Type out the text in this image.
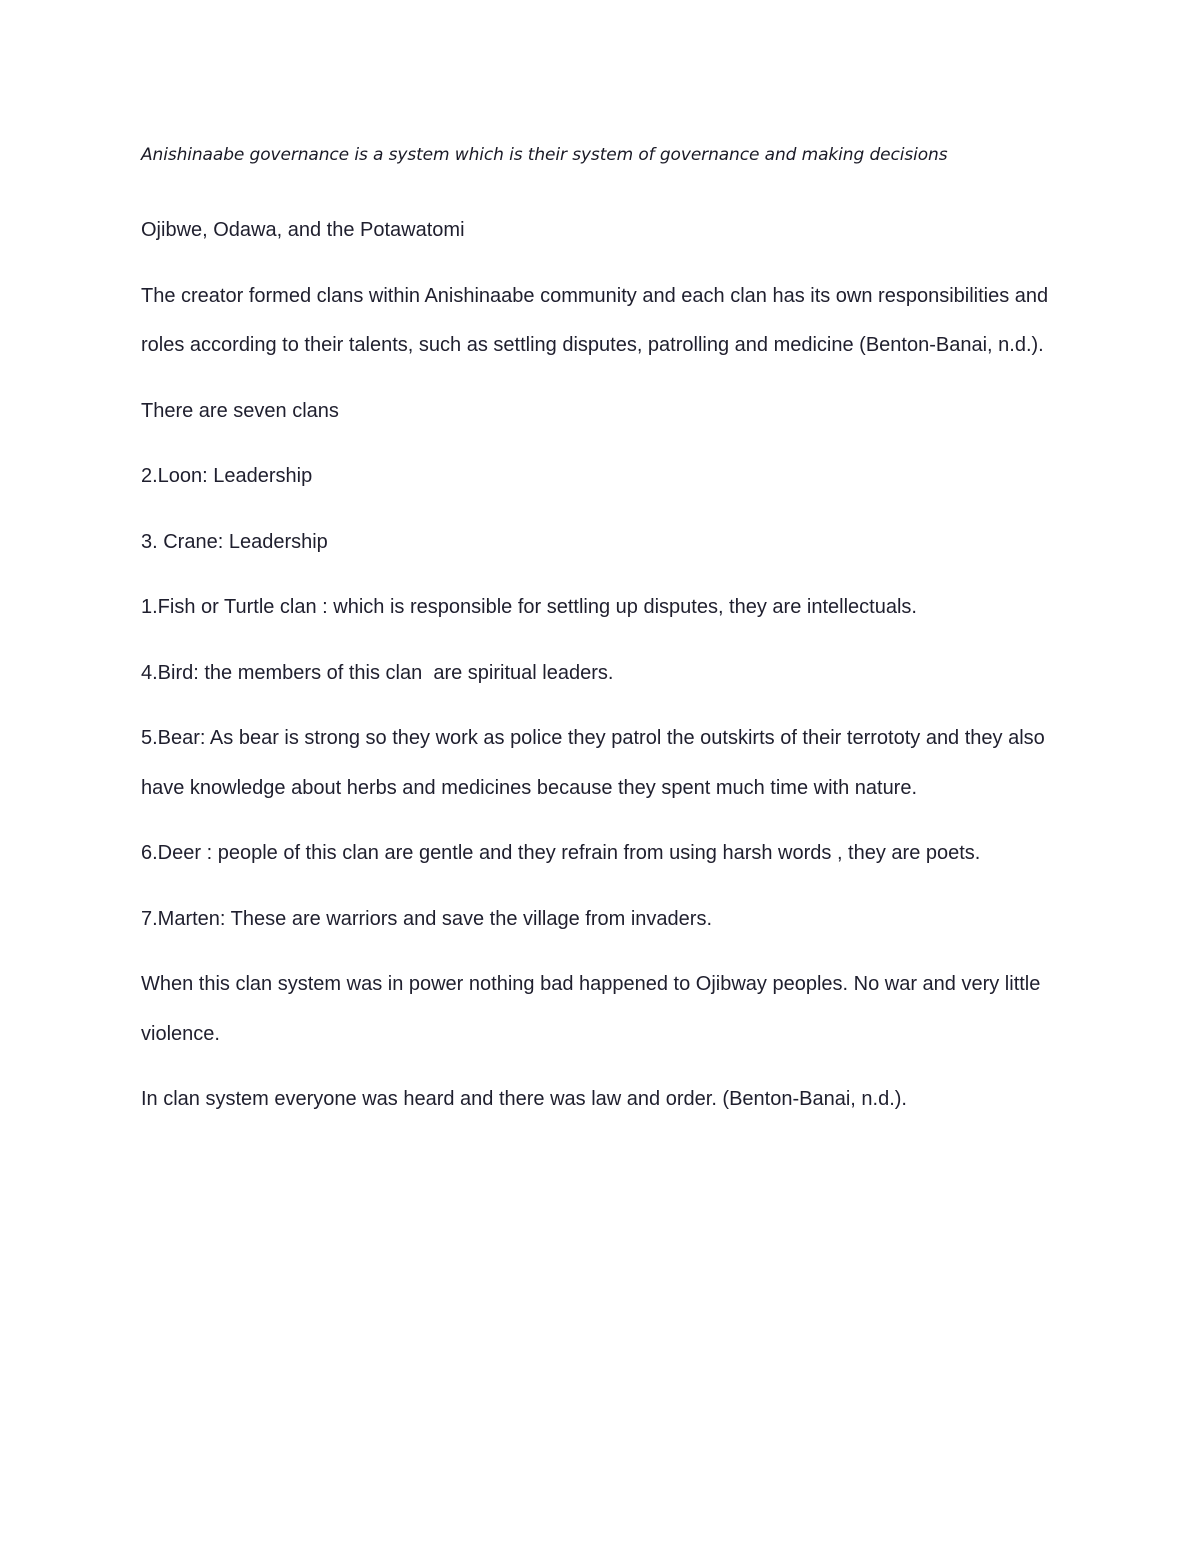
Anishinaabe governance is a system which is their system of governance and making decisions

Ojibwe, Odawa, and the Potawatomi

The creator formed clans within Anishinaabe community and each clan has its own responsibilities and roles according to their talents, such as settling disputes, patrolling and medicine (Benton-Banai, n.d.).

There are seven clans

2.Loon: Leadership

3. Crane: Leadership

1.Fish or Turtle clan : which is responsible for settling up disputes, they are intellectuals.

4.Bird: the members of this clan  are spiritual leaders.

5.Bear: As bear is strong so they work as police they patrol the outskirts of their terrototy and they also have knowledge about herbs and medicines because they spent much time with nature.

6.Deer : people of this clan are gentle and they refrain from using harsh words , they are poets.

7.Marten: These are warriors and save the village from invaders.

When this clan system was in power nothing bad happened to Ojibway peoples. No war and very little violence.

In clan system everyone was heard and there was law and order. (Benton-Banai, n.d.).
